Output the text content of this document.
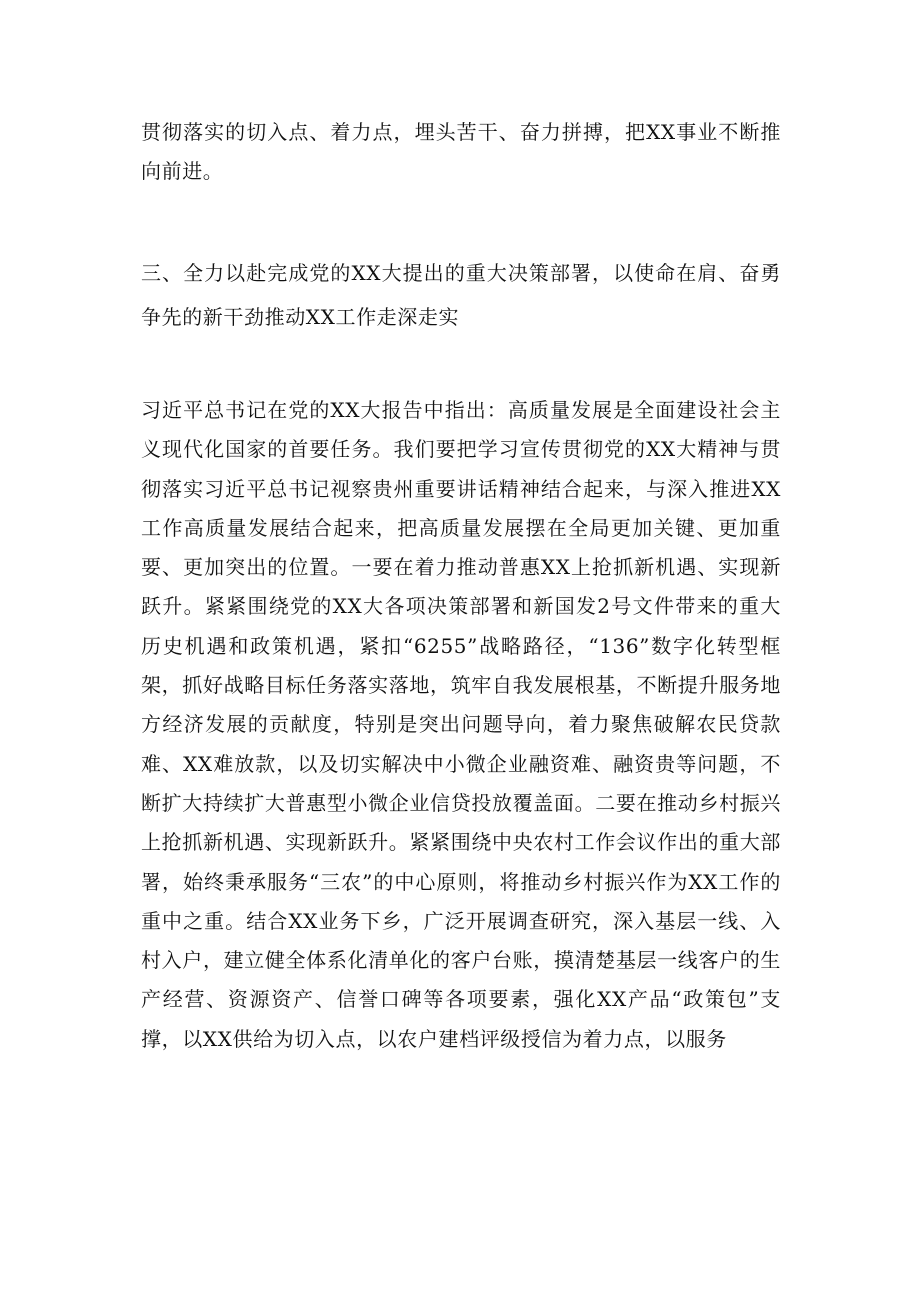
贯彻落实的切入点、着力点，埋头苦干、奋力拼搏，把XX事业不断推向前进。

三、全力以赴完成党的XX大提出的重大决策部署，以使命在肩、奋勇争先的新干劲推动XX工作走深走实

习近平总书记在党的XX大报告中指出：高质量发展是全面建设社会主义现代化国家的首要任务。我们要把学习宣传贯彻党的XX大精神与贯彻落实习近平总书记视察贵州重要讲话精神结合起来，与深入推进XX工作高质量发展结合起来，把高质量发展摆在全局更加关键、更加重要、更加突出的位置。一要在着力推动普惠XX上抢抓新机遇、实现新跃升。紧紧围绕党的XX大各项决策部署和新国发2号文件带来的重大历史机遇和政策机遇，紧扣“6255”战略路径，“136”数字化转型框架，抓好战略目标任务落实落地，筑牢自我发展根基，不断提升服务地方经济发展的贡献度，特别是突出问题导向，着力聚焦破解农民贷款难、XX难放款，以及切实解决中小微企业融资难、融资贵等问题，不断扩大持续扩大普惠型小微企业信贷投放覆盖面。二要在推动乡村振兴上抢抓新机遇、实现新跃升。紧紧围绕中央农村工作会议作出的重大部署，始终秉承服务“三农”的中心原则，将推动乡村振兴作为XX工作的重中之重。结合XX业务下乡，广泛开展调查研究，深入基层一线、入村入户，建立健全体系化清单化的客户台账，摸清楚基层一线客户的生产经营、资源资产、信誉口碑等各项要素，强化XX产品“政策包”支撑，以XX供给为切入点，以农户建档评级授信为着力点，以服务
